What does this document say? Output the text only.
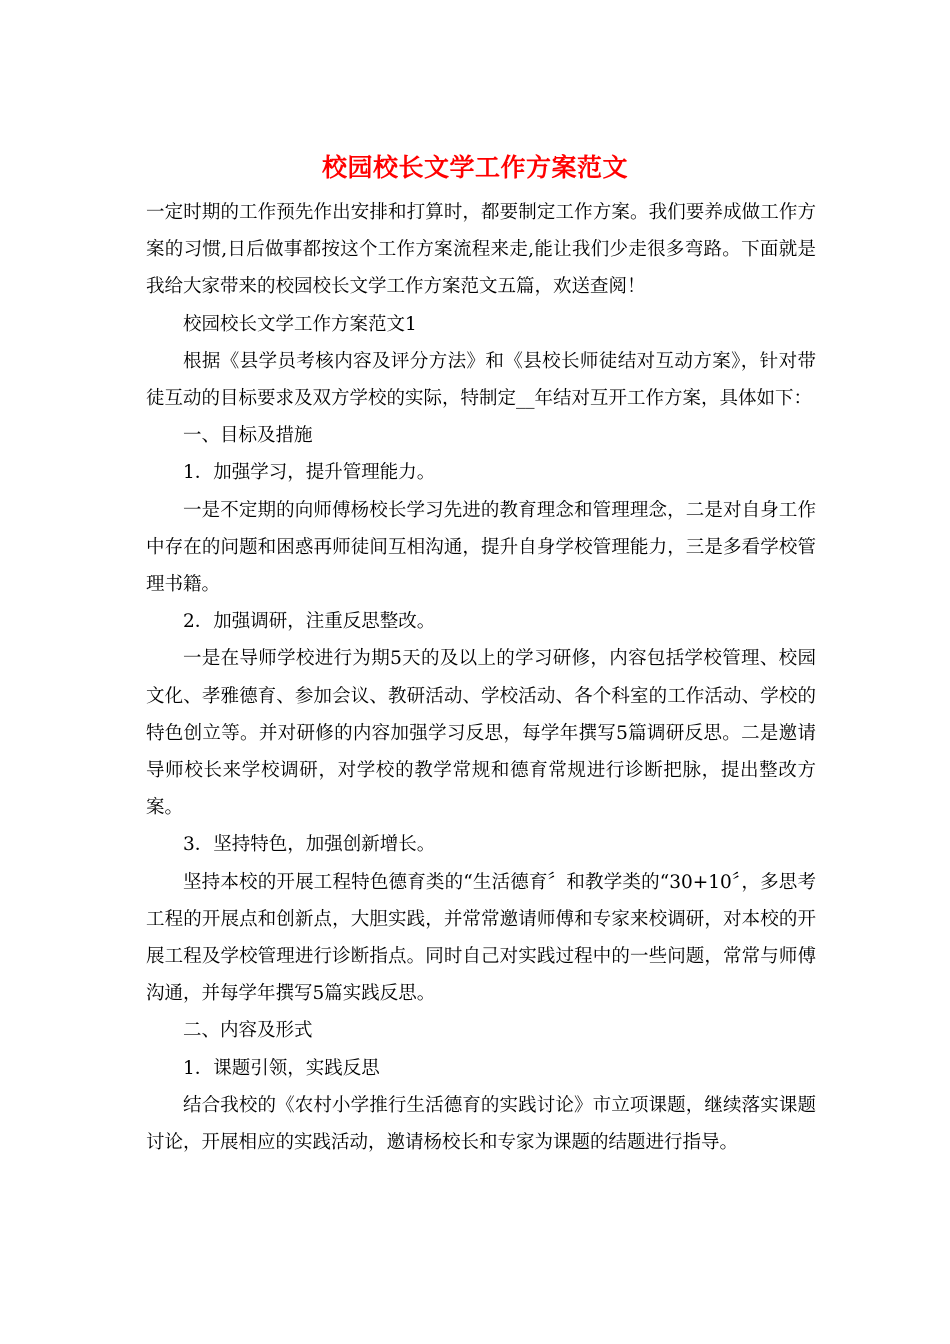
校园校长文学工作方案范文

一定时期的工作预先作出安排和打算时，都要制定工作方案。我们要养成做工作方案的习惯,日后做事都按这个工作方案流程来走,能让我们少走很多弯路。下面就是我给大家带来的校园校长文学工作方案范文五篇，欢送查阅！

校园校长文学工作方案范文1

根据《县学员考核内容及评分方法》和《县校长师徒结对互动方案》，针对带徒互动的目标要求及双方学校的实际，特制定__年结对互开工作方案，具体如下：

一、目标及措施

1．加强学习，提升管理能力。

一是不定期的向师傅杨校长学习先进的教育理念和管理理念，二是对自身工作中存在的问题和困惑再师徒间互相沟通，提升自身学校管理能力，三是多看学校管理书籍。

2．加强调研，注重反思整改。

一是在导师学校进行为期5天的及以上的学习研修，内容包括学校管理、校园文化、孝雅德育、参加会议、教研活动、学校活动、各个科室的工作活动、学校的特色创立等。并对研修的内容加强学习反思，每学年撰写5篇调研反思。二是邀请导师校长来学校调研，对学校的教学常规和德育常规进行诊断把脉，提出整改方案。

3．坚持特色，加强创新增长。

坚持本校的开展工程特色德育类的“生活德育〞和教学类的“30+10〞，多思考工程的开展点和创新点，大胆实践，并常常邀请师傅和专家来校调研，对本校的开展工程及学校管理进行诊断指点。同时自己对实践过程中的一些问题，常常与师傅沟通，并每学年撰写5篇实践反思。

二、内容及形式

1．课题引领，实践反思

结合我校的《农村小学推行生活德育的实践讨论》市立项课题，继续落实课题讨论，开展相应的实践活动，邀请杨校长和专家为课题的结题进行指导。
